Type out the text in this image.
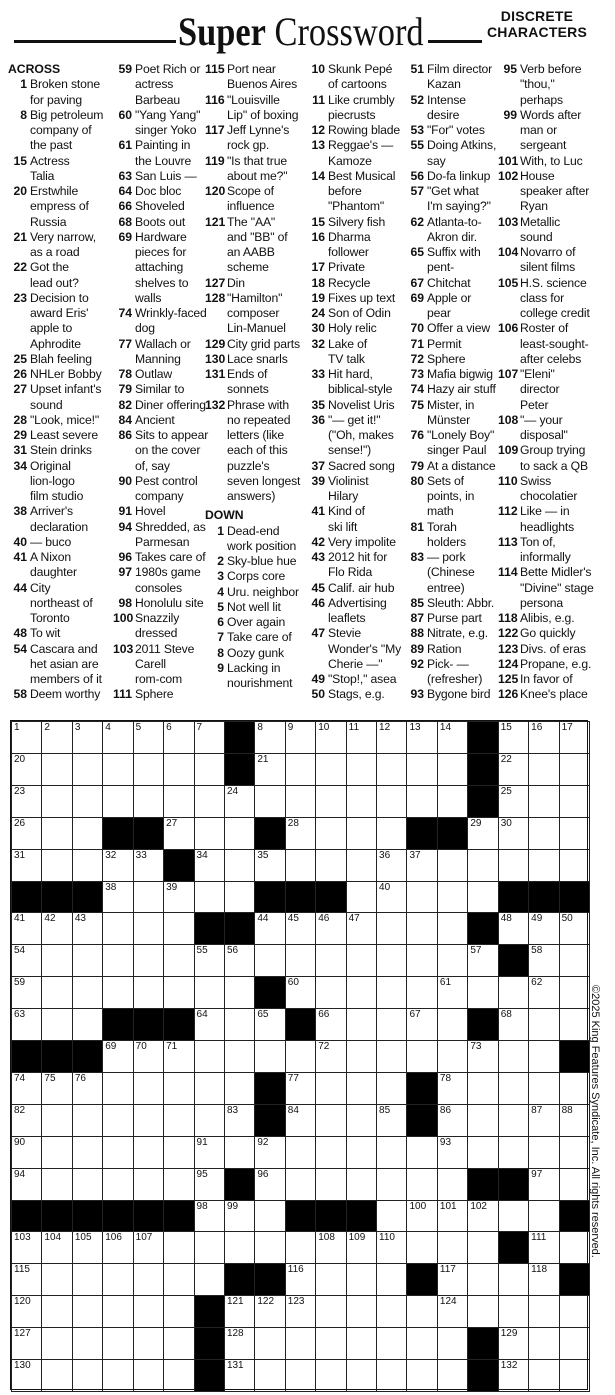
Super Crossword	DISCRETE
CHARACTERS
ACROSS
1 Broken stone
for paving
8 Big petroleum
company of
the past
15 Actress
Talia
20 Erstwhile
empress of
Russia
21 Very narrow,
as a road
22 Got the
lead out?
23 Decision to
award Eris'
apple to
Aphrodite
25 Blah feeling
26 NHLer Bobby
27 Upset infant's
sound
28 "Look, mice!"
29 Least severe
31 Stein drinks
34 Original
lion-logo
film studio
38 Arriver's
declaration
40 — buco
41 A Nixon
daughter
44 City
northeast of
Toronto
48 To wit
54 Cascara and
het asian are
members of it
58 Deem worthy
59 Poet Rich or
actress
Barbeau
60 "Yang Yang"
singer Yoko
61 Painting in
the Louvre
63 San Luis —
64 Doc bloc
66 Shoveled
68 Boots out
69 Hardware
pieces for
attaching
shelves to
walls
74 Wrinkly-faced
dog
77 Wallach or
Manning
78 Outlaw
79 Similar to
82 Diner offering
84 Ancient
86 Sits to appear
on the cover
of, say
90 Pest control
company
91 Hovel
94 Shredded, as
Parmesan
96 Takes care of
97 1980s game
consoles
98 Honolulu site
100 Snazzily
dressed
103 2011 Steve
Carell
rom-com
111 Sphere
115 Port near
Buenos Aires
116 "Louisville
Lip" of boxing
117 Jeff Lynne's
rock gp.
119 "Is that true
about me?"
120 Scope of
influence
121 The "AA"
and "BB" of
an AABB
scheme
127 Din
128 "Hamilton"
composer
Lin-Manuel
129 City grid parts
130 Lace snarls
131 Ends of
sonnets
132 Phrase with
no repeated
letters (like
each of this
puzzle's
seven longest
answers)
DOWN
1 Dead-end
work position
2 Sky-blue hue
3 Corps core
4 Uru. neighbor
5 Not well lit
6 Over again
7 Take care of
8 Oozy gunk
9 Lacking in
nourishment
10 Skunk Pepé
of cartoons
11 Like crumbly
piecrusts
12 Rowing blade
13 Reggae's —
Kamoze
14 Best Musical
before
"Phantom"
15 Silvery fish
16 Dharma
follower
17 Private
18 Recycle
19 Fixes up text
24 Son of Odin
30 Holy relic
32 Lake of
TV talk
33 Hit hard,
biblical-style
35 Novelist Uris
36 "— get it!"
("Oh, makes
sense!")
37 Sacred song
39 Violinist
Hilary
41 Kind of
ski lift
42 Very impolite
43 2012 hit for
Flo Rida
45 Calif. air hub
46 Advertising
leaflets
47 Stevie
Wonder's "My
Cherie —"
49 "Stop!," asea
50 Stags, e.g.
51 Film director
Kazan
52 Intense
desire
53 "For" votes
55 Doing Atkins,
say
56 Do-fa linkup
57 "Get what
I'm saying?"
62 Atlanta-to-
Akron dir.
65 Suffix with
pent-
67 Chitchat
69 Apple or
pear
70 Offer a view
71 Permit
72 Sphere
73 Mafia bigwig
74 Hazy air stuff
75 Mister, in
Münster
76 "Lonely Boy"
singer Paul
79 At a distance
80 Sets of
points, in
math
81 Torah
holders
83 — pork
(Chinese
entree)
85 Sleuth: Abbr.
87 Purse part
88 Nitrate, e.g.
89 Ration
92 Pick- —
(refresher)
93 Bygone bird
95 Verb before
"thou,"
perhaps
99 Words after
man or
sergeant
101 With, to Luc
102 House
speaker after
Ryan
103 Metallic
sound
104 Novarro of
silent films
105 H.S. science
class for
college credit
106 Roster of
least-sought-
after celebs
107 "Eleni"
director
Peter
108 "— your
disposal"
109 Group trying
to sack a QB
110 Swiss
chocolatier
112 Like — in
headlights
113 Ton of,
informally
114 Bette Midler's
"Divine" stage
persona
118 Alibis, e.g.
122 Go quickly
123 Divs. of eras
124 Propane, e.g.
125 In favor of
126 Knee's place
1 2 3 4 5 6 7	8 9 10 11 12 13 14	15 16 17
20	21	22
23	24	25
26	27	28	29 30
31	32 33	34	35	36 37
38	39	40
41 42 43	44 45 46 47	48 49 50
54	55 56	57	58
59	60	61	62
63	64	65	66	67	68
69 70 71	72	73
74 75 76	77	78
82	83	84	85	86	87 88
90	91	92	93
94	95	96	97
98 99	100 101 102
103 104 105 106 107	108 109 110	111
115	116	117	118
120	121 122 123	124
127	128	129
130	131	132
©2025 King Features Syndicate, Inc. All rights reserved.
